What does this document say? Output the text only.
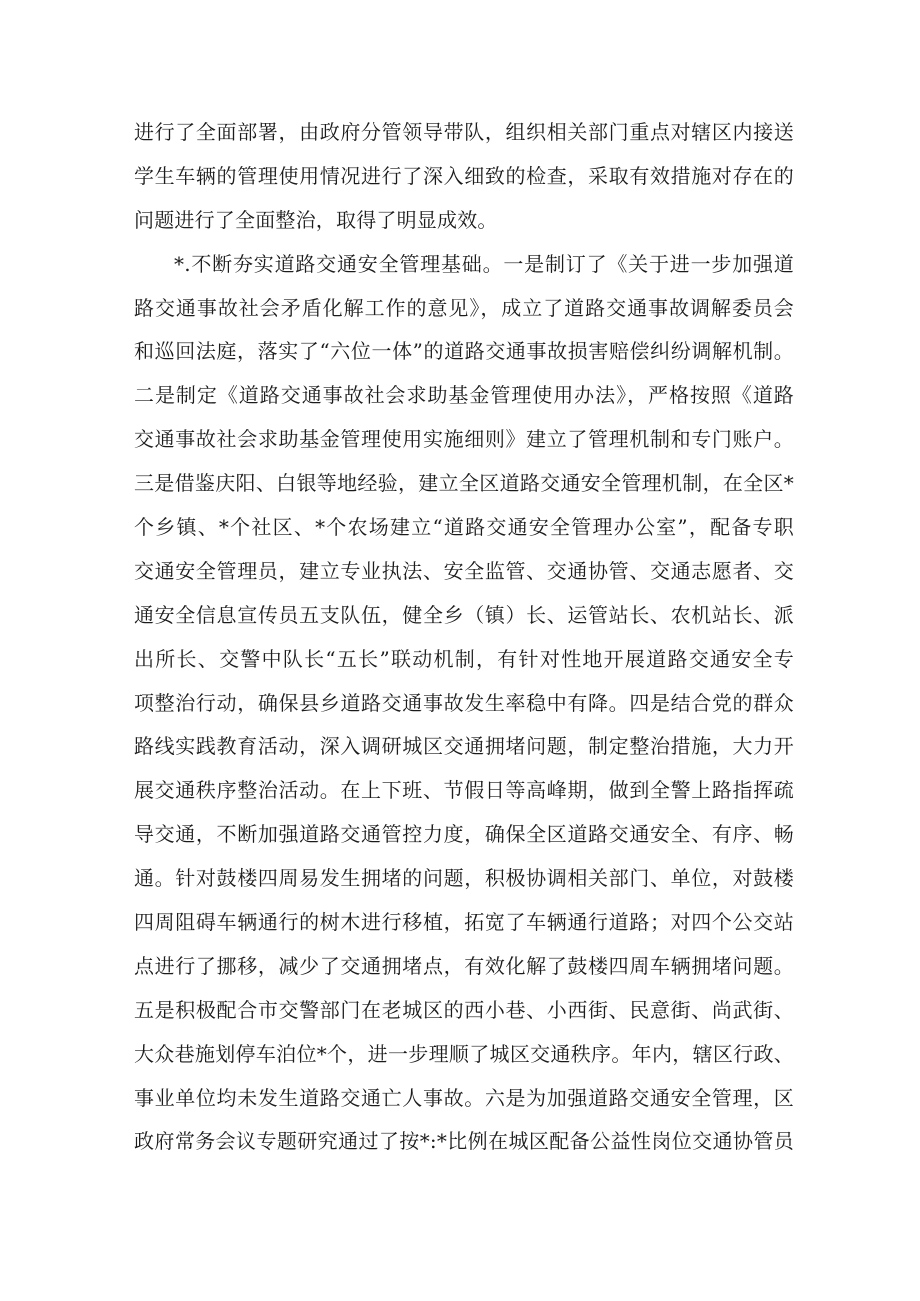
进行了全面部署，由政府分管领导带队，组织相关部门重点对辖区内接送
学生车辆的管理使用情况进行了深入细致的检查，采取有效措施对存在的
问题进行了全面整治，取得了明显成效。
*.不断夯实道路交通安全管理基础。一是制订了《关于进一步加强道
路交通事故社会矛盾化解工作的意见》，成立了道路交通事故调解委员会
和巡回法庭，落实了“六位一体”的道路交通事故损害赔偿纠纷调解机制。
二是制定《道路交通事故社会求助基金管理使用办法》，严格按照《道路
交通事故社会求助基金管理使用实施细则》建立了管理机制和专门账户。
三是借鉴庆阳、白银等地经验，建立全区道路交通安全管理机制，在全区*
个乡镇、*个社区、*个农场建立“道路交通安全管理办公室”，配备专职
交通安全管理员，建立专业执法、安全监管、交通协管、交通志愿者、交
通安全信息宣传员五支队伍，健全乡（镇）长、运管站长、农机站长、派
出所长、交警中队长“五长”联动机制，有针对性地开展道路交通安全专
项整治行动，确保县乡道路交通事故发生率稳中有降。四是结合党的群众
路线实践教育活动，深入调研城区交通拥堵问题，制定整治措施，大力开
展交通秩序整治活动。在上下班、节假日等高峰期，做到全警上路指挥疏
导交通，不断加强道路交通管控力度，确保全区道路交通安全、有序、畅
通。针对鼓楼四周易发生拥堵的问题，积极协调相关部门、单位，对鼓楼
四周阻碍车辆通行的树木进行移植，拓宽了车辆通行道路；对四个公交站
点进行了挪移，减少了交通拥堵点，有效化解了鼓楼四周车辆拥堵问题。
五是积极配合市交警部门在老城区的西小巷、小西街、民意街、尚武街、
大众巷施划停车泊位*个，进一步理顺了城区交通秩序。年内，辖区行政、
事业单位均未发生道路交通亡人事故。六是为加强道路交通安全管理，区
政府常务会议专题研究通过了按*:*比例在城区配备公益性岗位交通协管员
